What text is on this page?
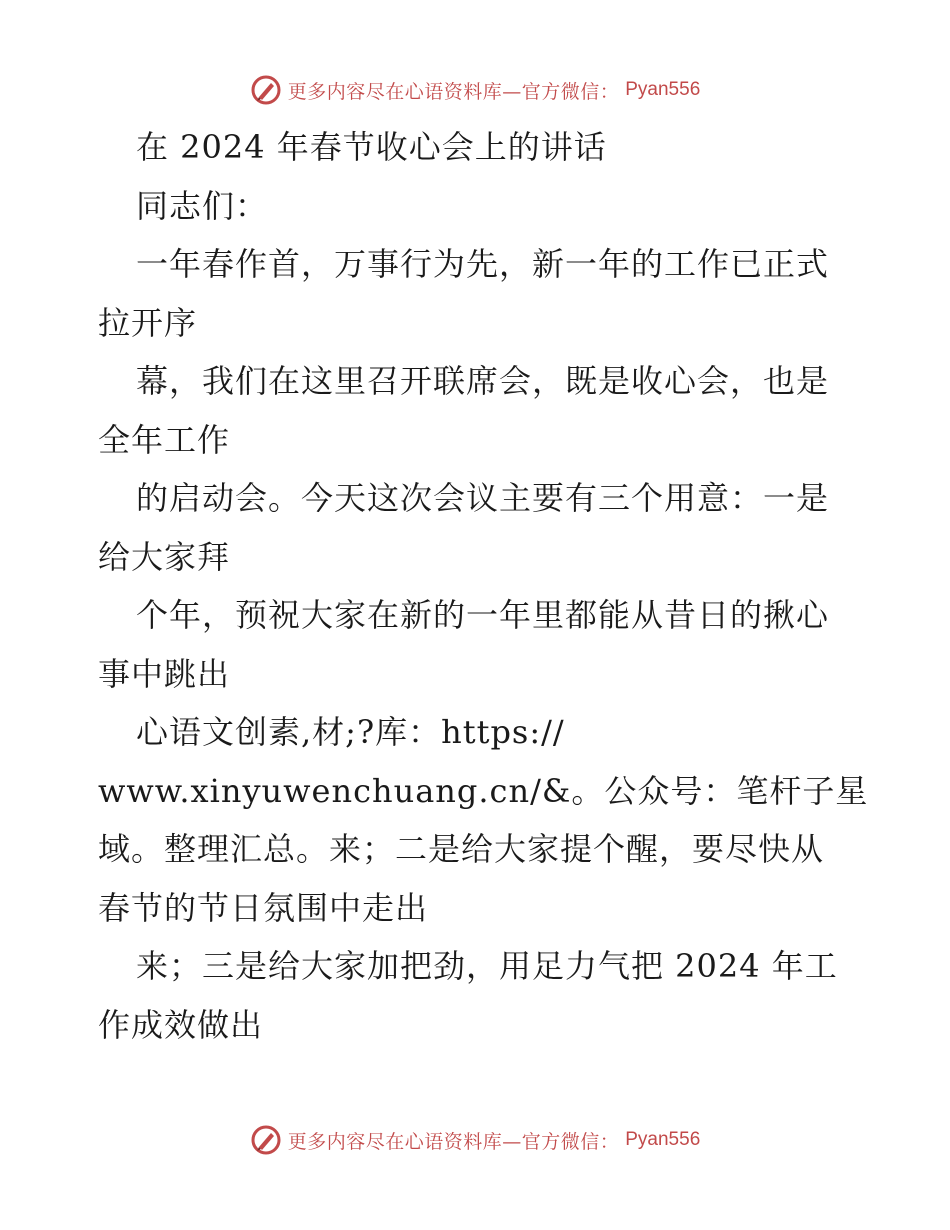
更多内容尽在心语资料库—官方微信： Pyan556
在 2024 年春节收心会上的讲话
同志们：
一年春作首，万事行为先，新一年的工作已正式
拉开序
幕，我们在这里召开联席会，既是收心会，也是
全年工作
的启动会。今天这次会议主要有三个用意：一是
给大家拜
个年，预祝大家在新的一年里都能从昔日的揪心
事中跳出
心语文创素,材;?库：https://
www.xinyuwenchuang.cn/&。公众号：笔杆子星
域。整理汇总。来；二是给大家提个醒，要尽快从
春节的节日氛围中走出
来；三是给大家加把劲，用足力气把 2024 年工
作成效做出
更多内容尽在心语资料库—官方微信： Pyan556
